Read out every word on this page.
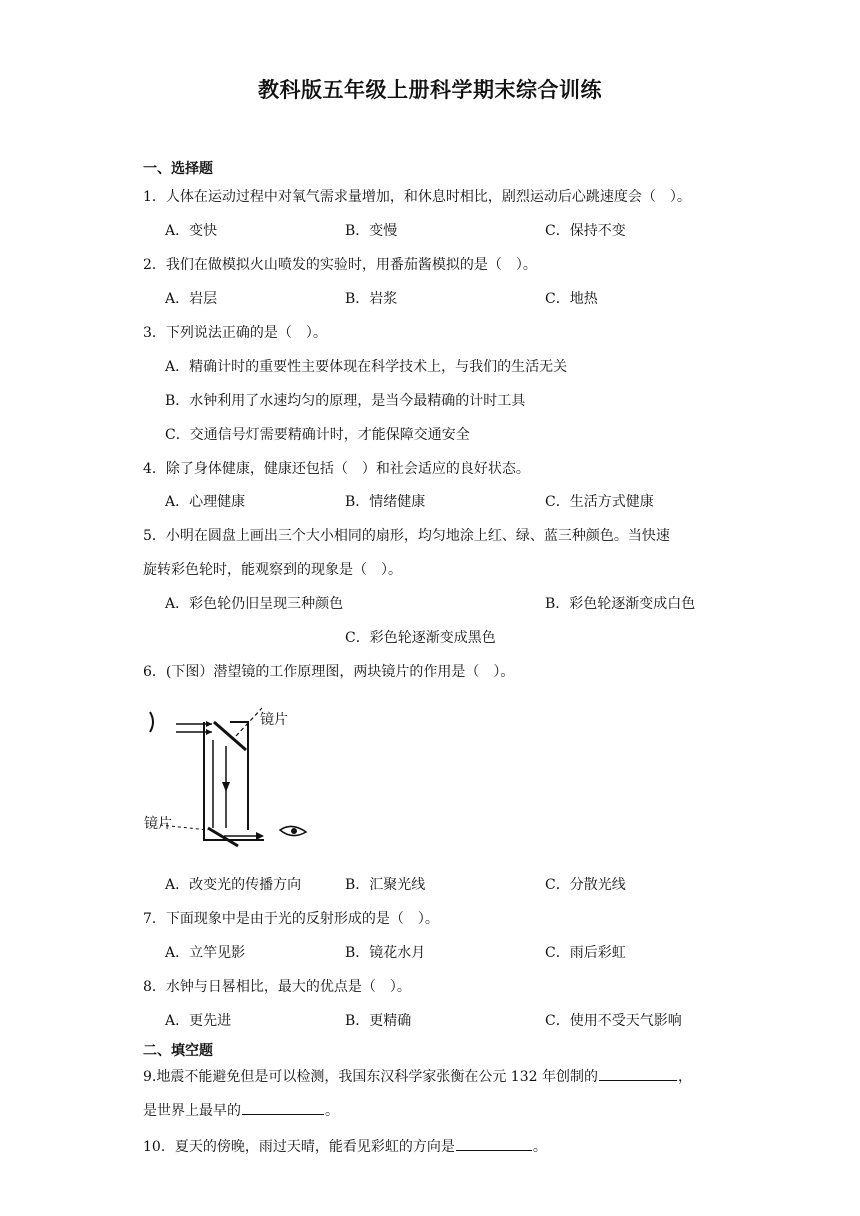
教科版五年级上册科学期末综合训练
一、选择题
1．人体在运动过程中对氧气需求量增加，和休息时相比，剧烈运动后心跳速度会（　）。
A．变快	B．变慢	C．保持不变
2．我们在做模拟火山喷发的实验时，用番茄酱模拟的是（　）。
A．岩层	B．岩浆	C．地热
3．下列说法正确的是（　）。
A．精确计时的重要性主要体现在科学技术上，与我们的生活无关
B．水钟利用了水速均匀的原理，是当今最精确的计时工具
C．交通信号灯需要精确计时，才能保障交通安全
4．除了身体健康，健康还包括（　）和社会适应的良好状态。
A．心理健康	B．情绪健康	C．生活方式健康
5．小明在圆盘上画出三个大小相同的扇形，均匀地涂上红、绿、蓝三种颜色。当快速
旋转彩色轮时，能观察到的现象是（　）。
A．彩色轮仍旧呈现三种颜色	B．彩色轮逐渐变成白色
C．彩色轮逐渐变成黑色
6．(下图）潜望镜的工作原理图，两块镜片的作用是（　）。
镜片
镜片
A．改变光的传播方向	B．汇聚光线	C．分散光线
7．下面现象中是由于光的反射形成的是（　）。
A．立竿见影	B．镜花水月	C．雨后彩虹
8．水钟与日晷相比，最大的优点是（　）。
A．更先进	B．更精确	C．使用不受天气影响
二、填空题
9.地震不能避免但是可以检测，我国东汉科学家张衡在公元 132 年创制的	，
是世界上最早的	。
10．夏天的傍晚，雨过天晴，能看见彩虹的方向是	。
